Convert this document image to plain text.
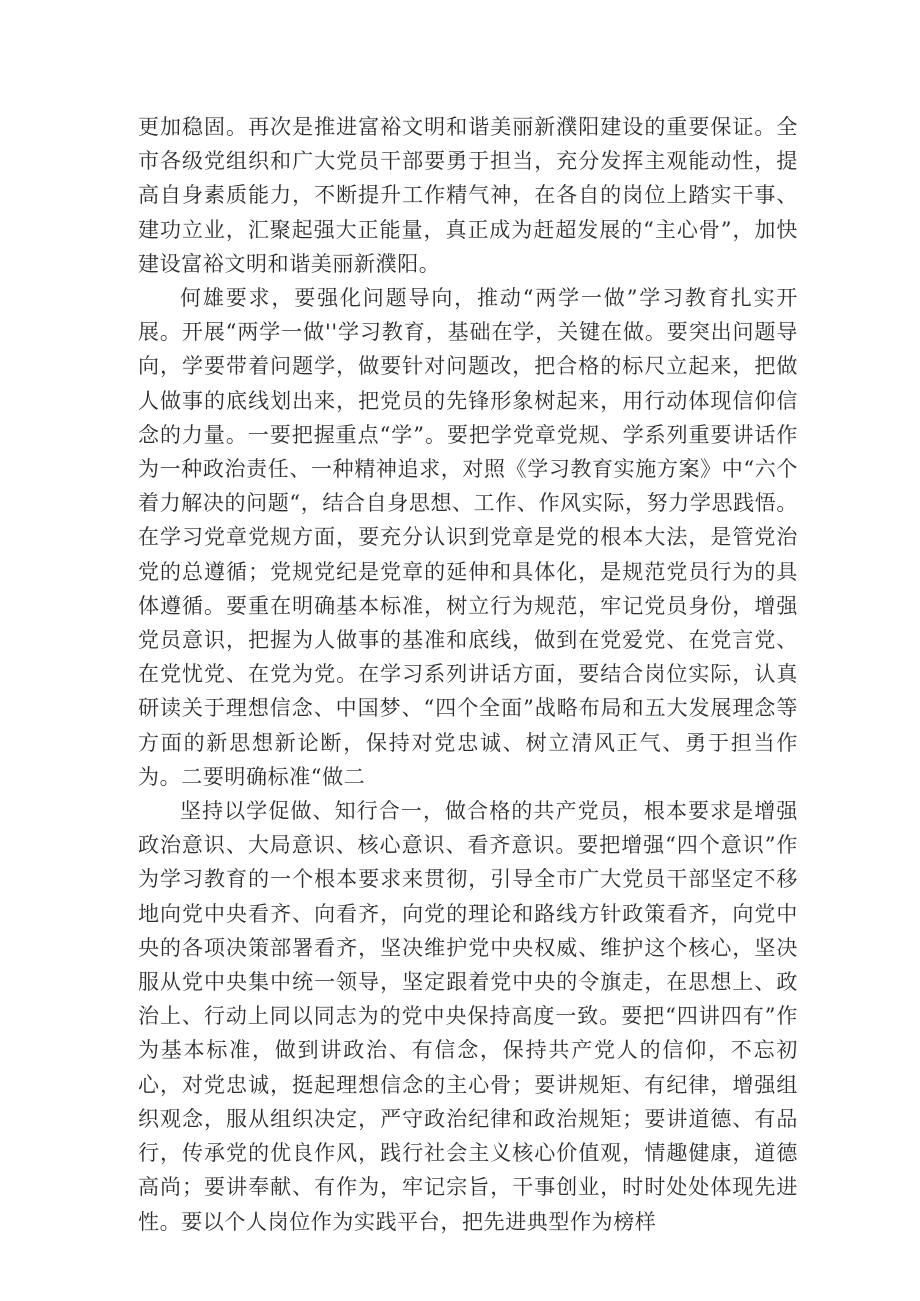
更加稳固。再次是推进富裕文明和谐美丽新濮阳建设的重要保证。全市各级党组织和广大党员干部要勇于担当，充分发挥主观能动性，提高自身素质能力，不断提升工作精气神，在各自的岗位上踏实干事、建功立业，汇聚起强大正能量，真正成为赶超发展的“主心骨”，加快建设富裕文明和谐美丽新濮阳。

何雄要求，要强化问题导向，推动“两学一做”学习教育扎实开展。开展“两学一做''学习教育，基础在学，关键在做。要突出问题导向，学要带着问题学，做要针对问题改，把合格的标尺立起来，把做人做事的底线划出来，把党员的先锋形象树起来，用行动体现信仰信念的力量。一要把握重点“学”。要把学党章党规、学系列重要讲话作为一种政治责任、一种精神追求，对照《学习教育实施方案》中“六个着力解决的问题“，结合自身思想、工作、作风实际，努力学思践悟。在学习党章党规方面，要充分认识到党章是党的根本大法，是管党治党的总遵循；党规党纪是党章的延伸和具体化，是规范党员行为的具体遵循。要重在明确基本标准，树立行为规范，牢记党员身份，增强党员意识，把握为人做事的基准和底线，做到在党爱党、在党言党、在党忧党、在党为党。在学习系列讲话方面，要结合岗位实际，认真研读关于理想信念、中国梦、“四个全面”战略布局和五大发展理念等方面的新思想新论断，保持对党忠诚、树立清风正气、勇于担当作为。二要明确标准“做二

坚持以学促做、知行合一，做合格的共产党员，根本要求是增强政治意识、大局意识、核心意识、看齐意识。要把增强“四个意识”作为学习教育的一个根本要求来贯彻，引导全市广大党员干部坚定不移地向党中央看齐、向看齐，向党的理论和路线方针政策看齐，向党中央的各项决策部署看齐，坚决维护党中央权威、维护这个核心，坚决服从党中央集中统一领导，坚定跟着党中央的令旗走，在思想上、政治上、行动上同以同志为的党中央保持高度一致。要把“四讲四有”作为基本标准，做到讲政治、有信念，保持共产党人的信仰，不忘初心，对党忠诚，挺起理想信念的主心骨；要讲规矩、有纪律，增强组织观念，服从组织决定，严守政治纪律和政治规矩；要讲道德、有品行，传承党的优良作风，践行社会主义核心价值观，情趣健康，道德高尚；要讲奉献、有作为，牢记宗旨，干事创业，时时处处体现先进性。要以个人岗位作为实践平台，把先进典型作为榜样
